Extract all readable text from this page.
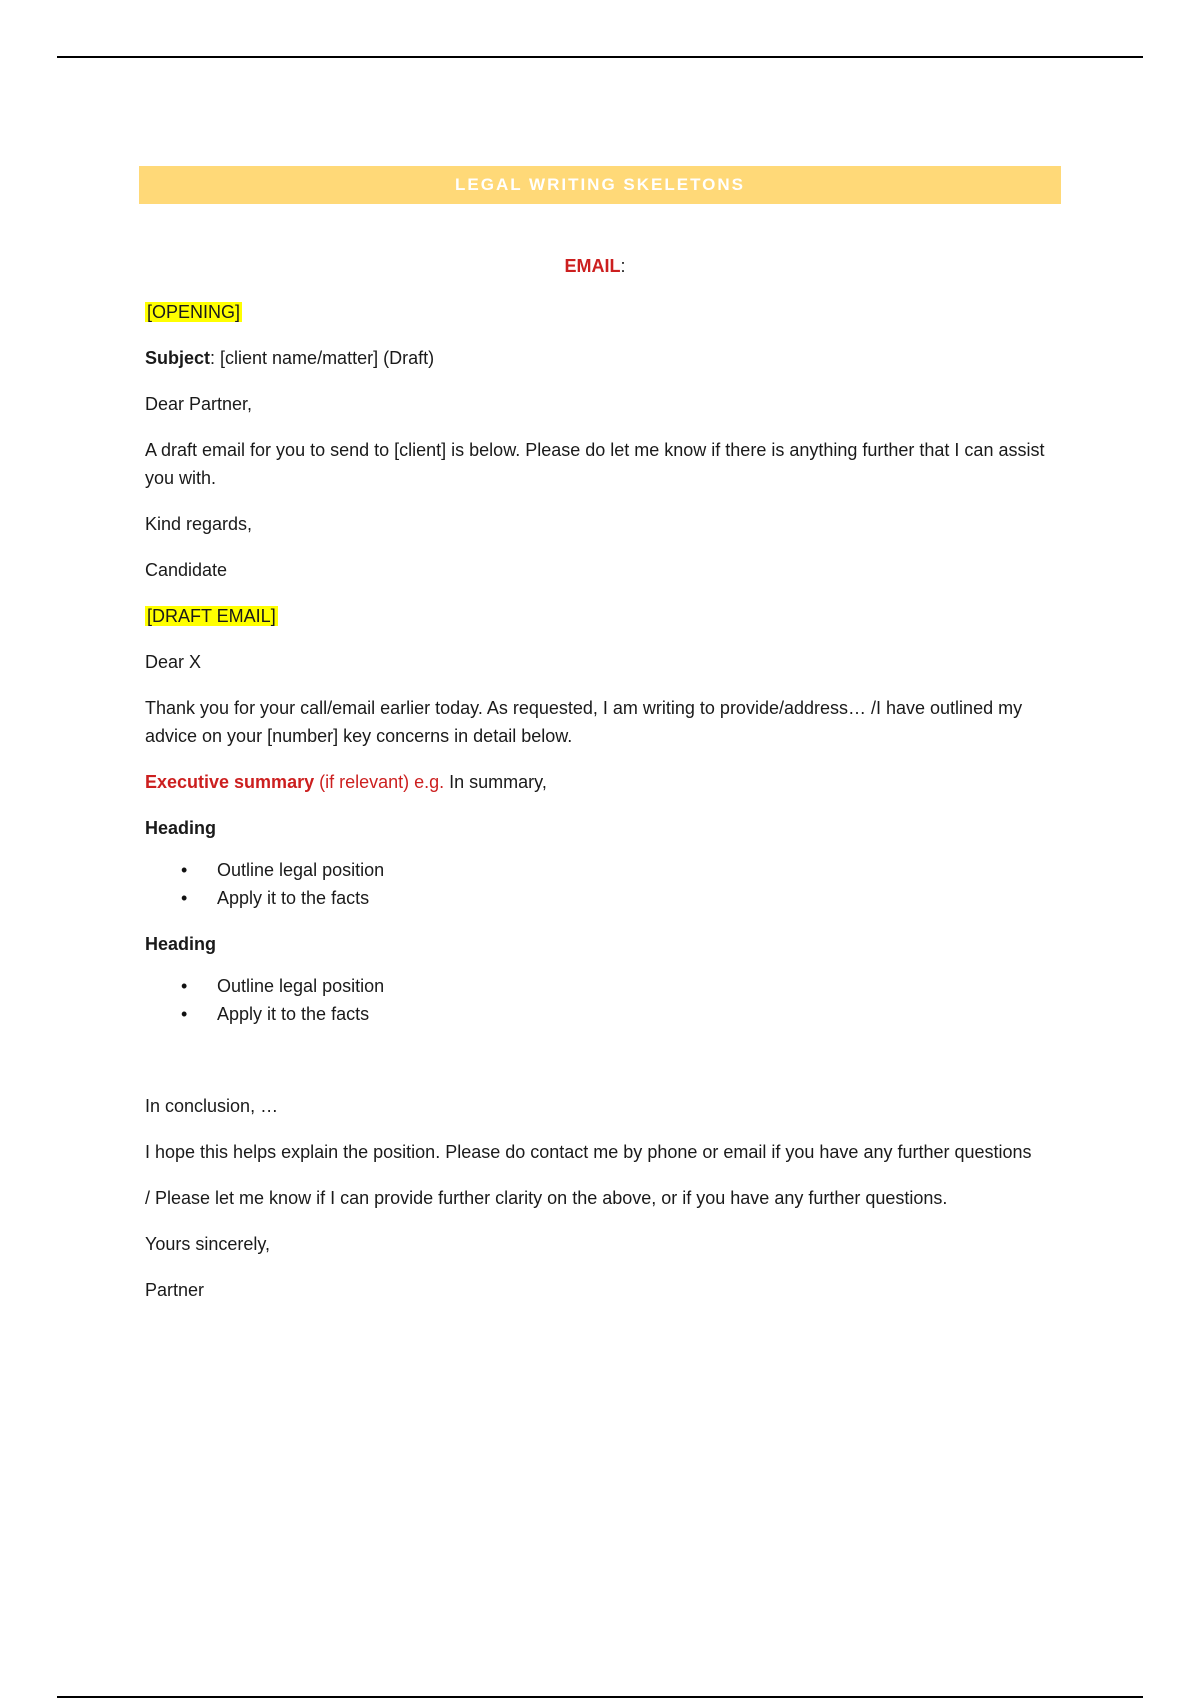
LEGAL WRITING SKELETONS

EMAIL:

[OPENING]

Subject: [client name/matter] (Draft)

Dear Partner,

A draft email for you to send to [client] is below. Please do let me know if there is anything further that I can assist you with.

Kind regards,

Candidate

[DRAFT EMAIL]

Dear X

Thank you for your call/email earlier today. As requested, I am writing to provide/address… /I have outlined my advice on your [number] key concerns in detail below.

Executive summary (if relevant) e.g. In summary,

Heading

• Outline legal position
• Apply it to the facts

Heading

• Outline legal position
• Apply it to the facts

In conclusion, …

I hope this helps explain the position. Please do contact me by phone or email if you have any further questions

/ Please let me know if I can provide further clarity on the above, or if you have any further questions.

Yours sincerely,

Partner
